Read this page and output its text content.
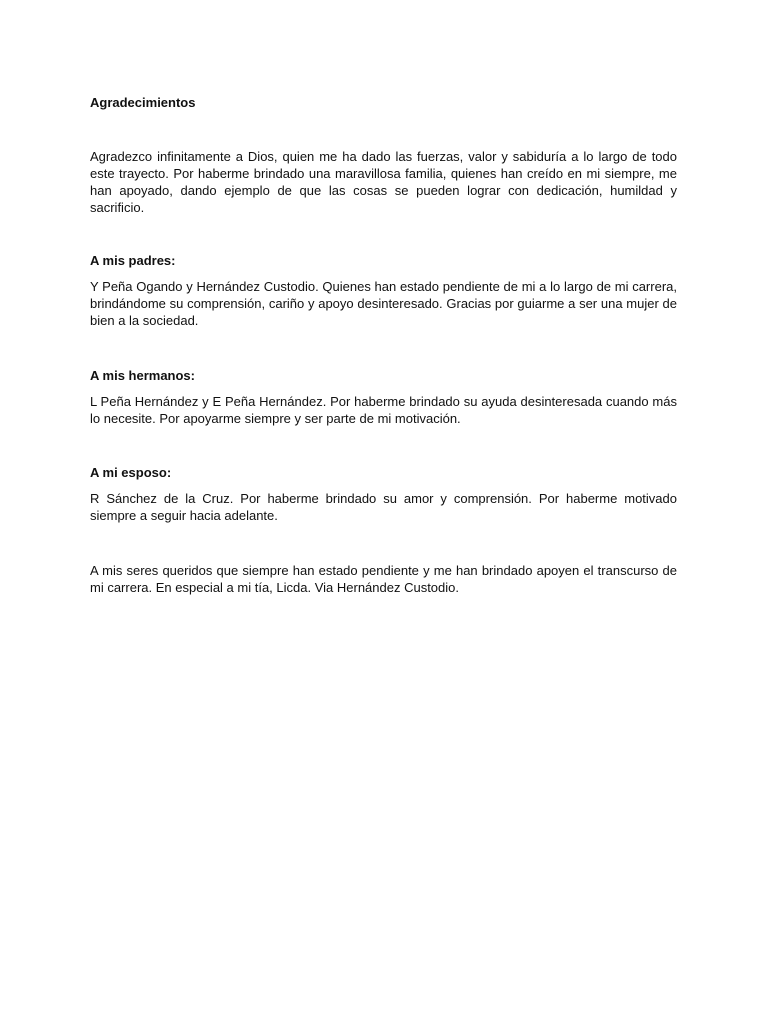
Agradecimientos

Agradezco infinitamente a Dios, quien me ha dado las fuerzas, valor y sabiduría a lo largo de todo este trayecto. Por haberme brindado una maravillosa familia, quienes han creído en mi siempre, me han apoyado, dando ejemplo de que las cosas se pueden lograr con dedicación, humildad y sacrificio.

A mis padres:

Y Peña Ogando y Hernández Custodio. Quienes han estado pendiente de mi a lo largo de mi carrera, brindándome su comprensión, cariño y apoyo desinteresado. Gracias por guiarme a ser una mujer de bien a la sociedad.

A mis hermanos:

L Peña Hernández y E Peña Hernández. Por haberme brindado su ayuda desinteresada cuando más lo necesite. Por apoyarme siempre y ser parte de mi motivación.

A mi esposo:

R Sánchez de la Cruz. Por haberme brindado su amor y comprensión. Por haberme motivado siempre a seguir hacia adelante.

A mis seres queridos que siempre han estado pendiente y me han brindado apoyen el transcurso de mi carrera. En especial a mi tía, Licda. Via Hernández Custodio.
